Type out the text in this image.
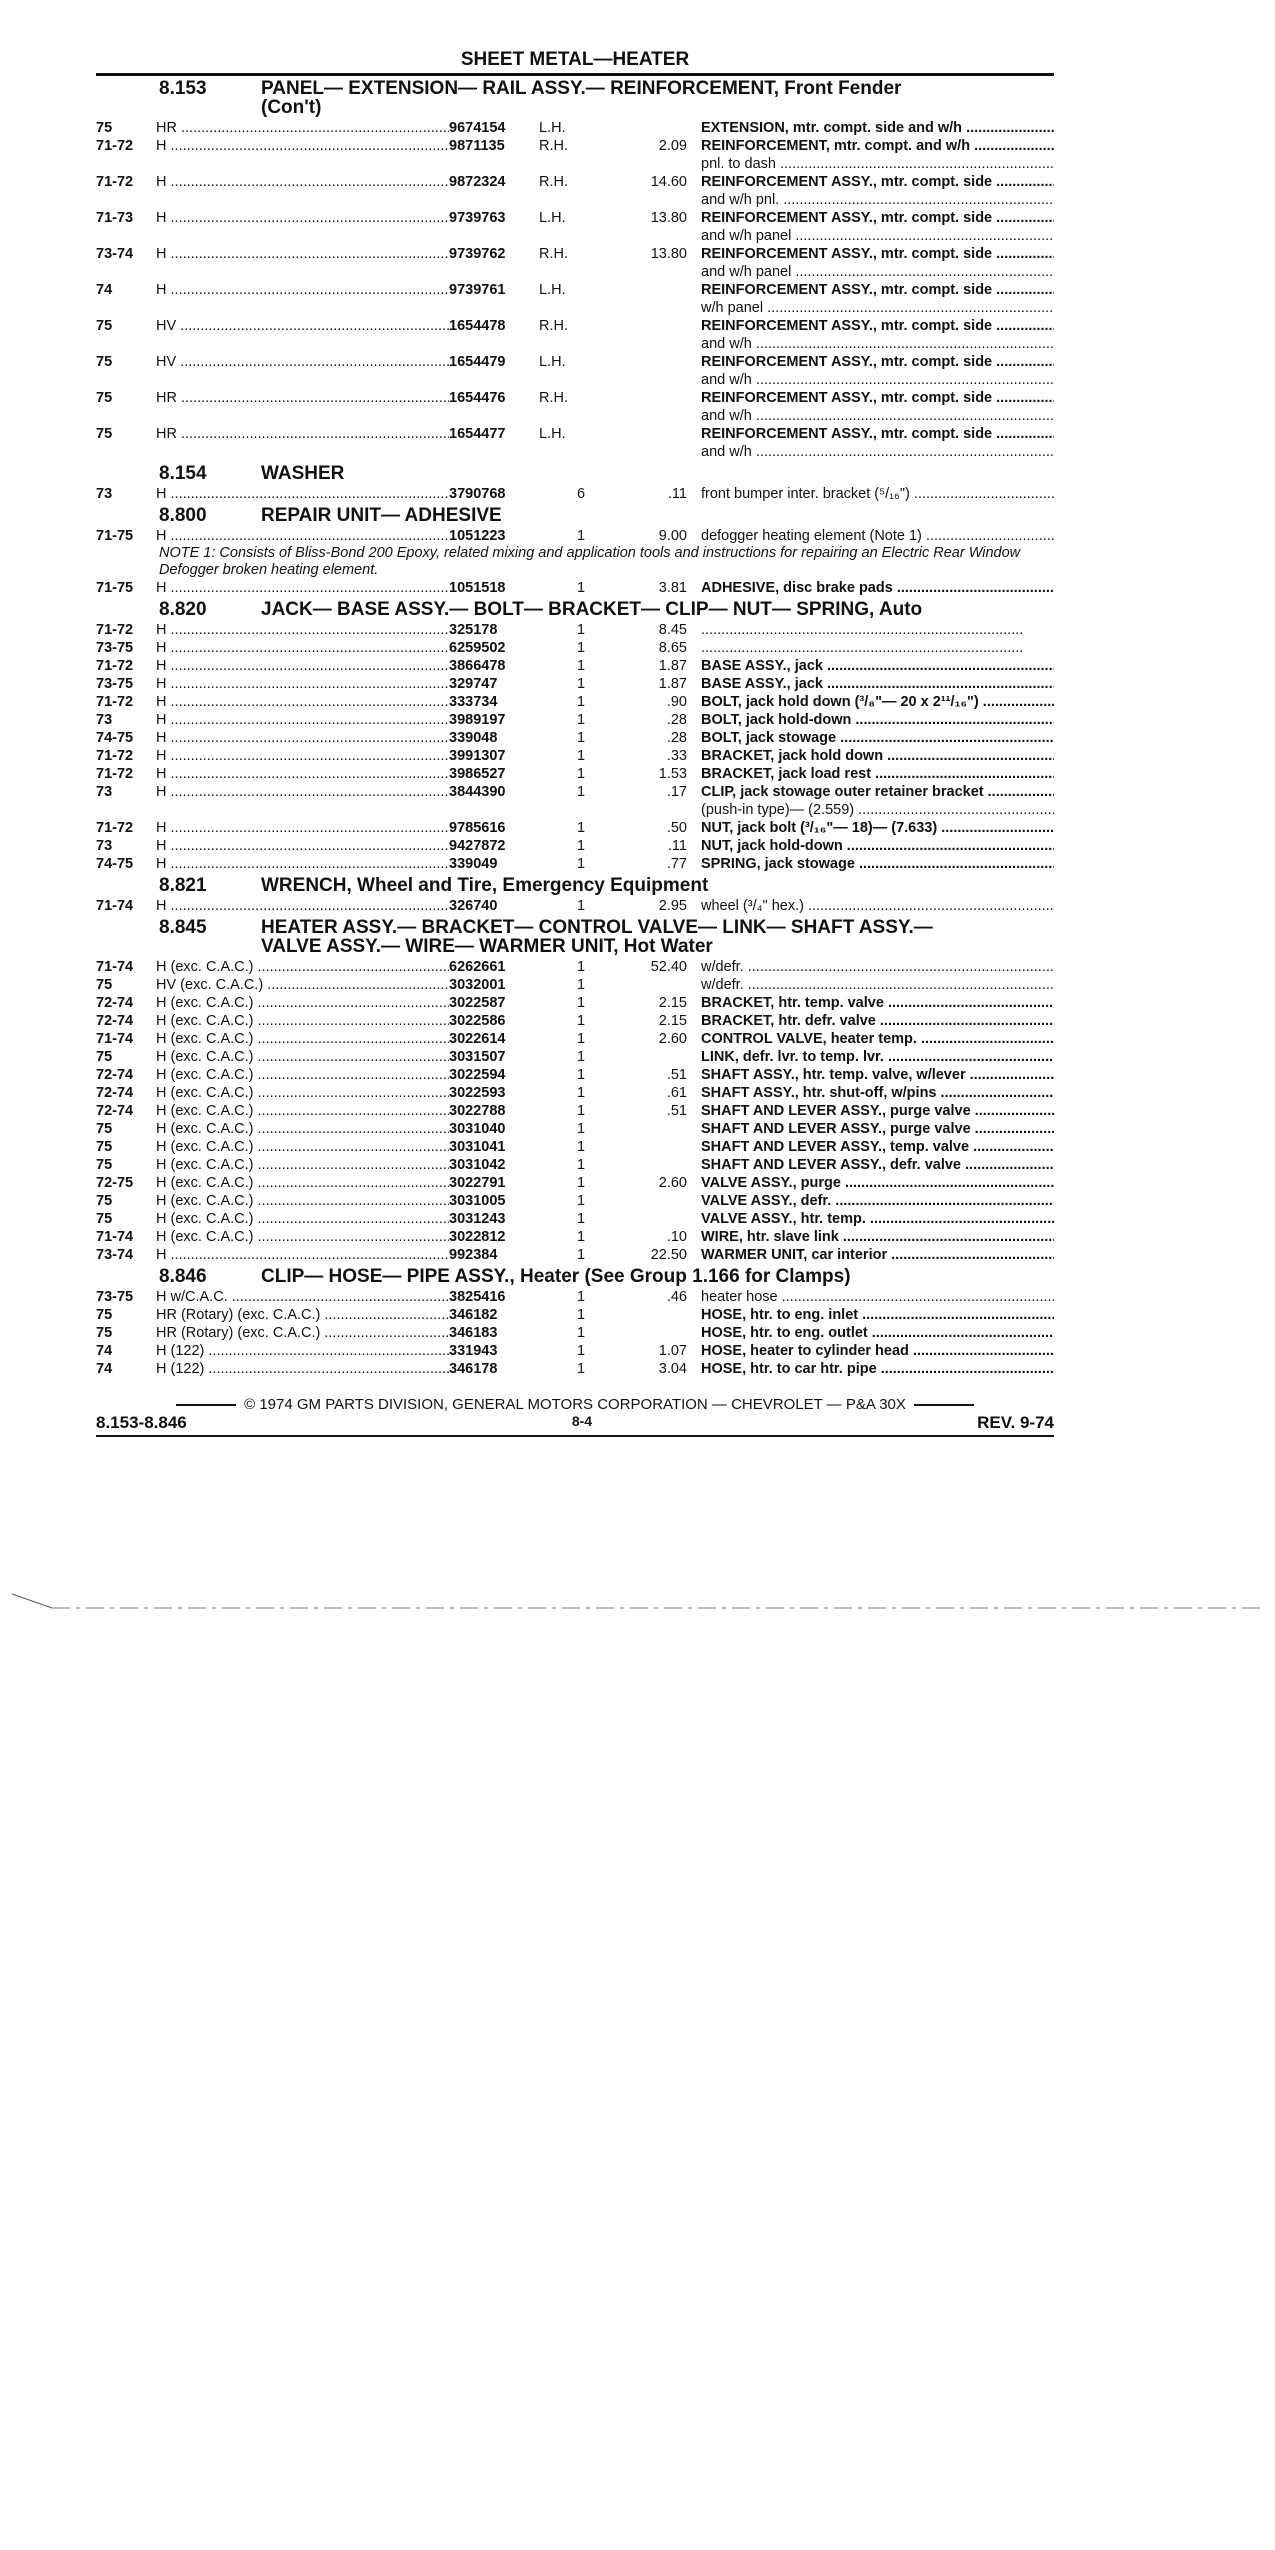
SHEET METAL—HEATER
8.153	PANEL— EXTENSION— RAIL ASSY.— REINFORCEMENT, Front Fender
(Con't)
75	HR .....	9674154	L.H.	EXTENSION, mtr. compt. side and w/h .....
71-72	H .....	9871135	R.H.	2.09 REINFORCEMENT, mtr. compt. and w/h .....
pnl. to dash .....
71-72	H .....	9872324	R.H.	14.60 REINFORCEMENT ASSY., mtr. compt. side .....
and w/h pnl. .....
71-73	H .....	9739763	L.H.	13.80 REINFORCEMENT ASSY., mtr. compt. side .....
and w/h panel .....
73-74	H .....	9739762	R.H.	13.80 REINFORCEMENT ASSY., mtr. compt. side .....
and w/h panel .....
74	H .....	9739761	L.H.	REINFORCEMENT ASSY., mtr. compt. side .....
w/h panel .....
75	HV .....	1654478	R.H.	REINFORCEMENT ASSY., mtr. compt. side .....
and w/h .....
75	HV .....	1654479	L.H.	REINFORCEMENT ASSY., mtr. compt. side .....
and w/h .....
75	HR .....	1654476	R.H.	REINFORCEMENT ASSY., mtr. compt. side .....
and w/h .....
75	HR .....	1654477	L.H.	REINFORCEMENT ASSY., mtr. compt. side .....
and w/h .....
8.154	WASHER
73	H .....	3790768	6	.11 front bumper inter. bracket (⁵/₁₆") .....
8.800	REPAIR UNIT— ADHESIVE
71-75	H .....	1051223	1	9.00 defogger heating element (Note 1) .....
NOTE 1: Consists of Bliss-Bond 200 Epoxy, related mixing and application tools and instructions for repairing an Electric Rear Window Defogger broken heating element.
71-75	H .....	1051518	1	3.81 ADHESIVE, disc brake pads .....
8.820	JACK— BASE ASSY.— BOLT— BRACKET— CLIP— NUT— SPRING, Auto
71-72	H .....	325178	1	8.45
.....
73-75	H .....	6259502	1	8.65
.....
71-72	H .....	3866478	1	1.87 BASE ASSY., jack .....
73-75	H .....	329747	1	1.87 BASE ASSY., jack .....
71-72	H .....	333734	1	.90 BOLT, jack hold down (³/₈"— 20 x 2¹¹/₁₆") .....
73	H .....	3989197	1	.28 BOLT, jack hold-down .....
74-75	H .....	339048	1	.28 BOLT, jack stowage .....
71-72	H .....	3991307	1	.33 BRACKET, jack hold down .....
71-72	H .....	3986527	1	1.53 BRACKET, jack load rest .....
73	H .....	3844390	1	.17 CLIP, jack stowage outer retainer bracket .....
(push-in type)— (2.559) .....
71-72	H .....	9785616	1	.50 NUT, jack bolt (³/₁₆"— 18)— (7.633) .....
73	H .....	9427872	1	.11 NUT, jack hold-down .....
74-75	H .....	339049	1	.77 SPRING, jack stowage .....
8.821	WRENCH, Wheel and Tire, Emergency Equipment
71-74	H .....	326740	1	2.95 wheel (³/₄" hex.) .....
8.845	HEATER ASSY.— BRACKET— CONTROL VALVE— LINK— SHAFT ASSY.—
VALVE ASSY.— WIRE— WARMER UNIT, Hot Water
71-74	H (exc. C.A.C.) .....	6262661	1	52.40 w/defr. .....
75	HV (exc. C.A.C.) .....	3032001	1	w/defr. .....
72-74	H (exc. C.A.C.) .....	3022587	1	2.15 BRACKET, htr. temp. valve .....
72-74	H (exc. C.A.C.) .....	3022586	1	2.15 BRACKET, htr. defr. valve .....
71-74	H (exc. C.A.C.) .....	3022614	1	2.60 CONTROL VALVE, heater temp. .....
75	H (exc. C.A.C.) .....	3031507	1	LINK, defr. lvr. to temp. lvr. .....
72-74	H (exc. C.A.C.) .....	3022594	1	.51 SHAFT ASSY., htr. temp. valve, w/lever .....
72-74	H (exc. C.A.C.) .....	3022593	1	.61 SHAFT ASSY., htr. shut-off, w/pins .....
72-74	H (exc. C.A.C.) .....	3022788	1	.51 SHAFT AND LEVER ASSY., purge valve .....
75	H (exc. C.A.C.) .....	3031040	1	SHAFT AND LEVER ASSY., purge valve .....
75	H (exc. C.A.C.) .....	3031041	1	SHAFT AND LEVER ASSY., temp. valve .....
75	H (exc. C.A.C.) .....	3031042	1	SHAFT AND LEVER ASSY., defr. valve .....
72-75	H (exc. C.A.C.) .....	3022791	1	2.60 VALVE ASSY., purge .....
75	H (exc. C.A.C.) .....	3031005	1	VALVE ASSY., defr. .....
75	H (exc. C.A.C.) .....	3031243	1	VALVE ASSY., htr. temp. .....
71-74	H (exc. C.A.C.) .....	3022812	1	.10 WIRE, htr. slave link .....
73-74	H .....	992384	1	22.50 WARMER UNIT, car interior .....
8.846	CLIP— HOSE— PIPE ASSY., Heater (See Group 1.166 for Clamps)
73-75	H w/C.A.C. .....	3825416	1	.46 heater hose .....
75	HR (Rotary) (exc. C.A.C.) .....	346182	1	HOSE, htr. to eng. inlet .....
75	HR (Rotary) (exc. C.A.C.) .....	346183	1	HOSE, htr. to eng. outlet .....
74	H (122) .....	331943	1	1.07 HOSE, heater to cylinder head .....
74	H (122) .....	346178	1	3.04 HOSE, htr. to car htr. pipe .....
© 1974 GM PARTS DIVISION, GENERAL MOTORS CORPORATION — CHEVROLET — P&A 30X
8.153-8.846	8-4	REV. 9-74
